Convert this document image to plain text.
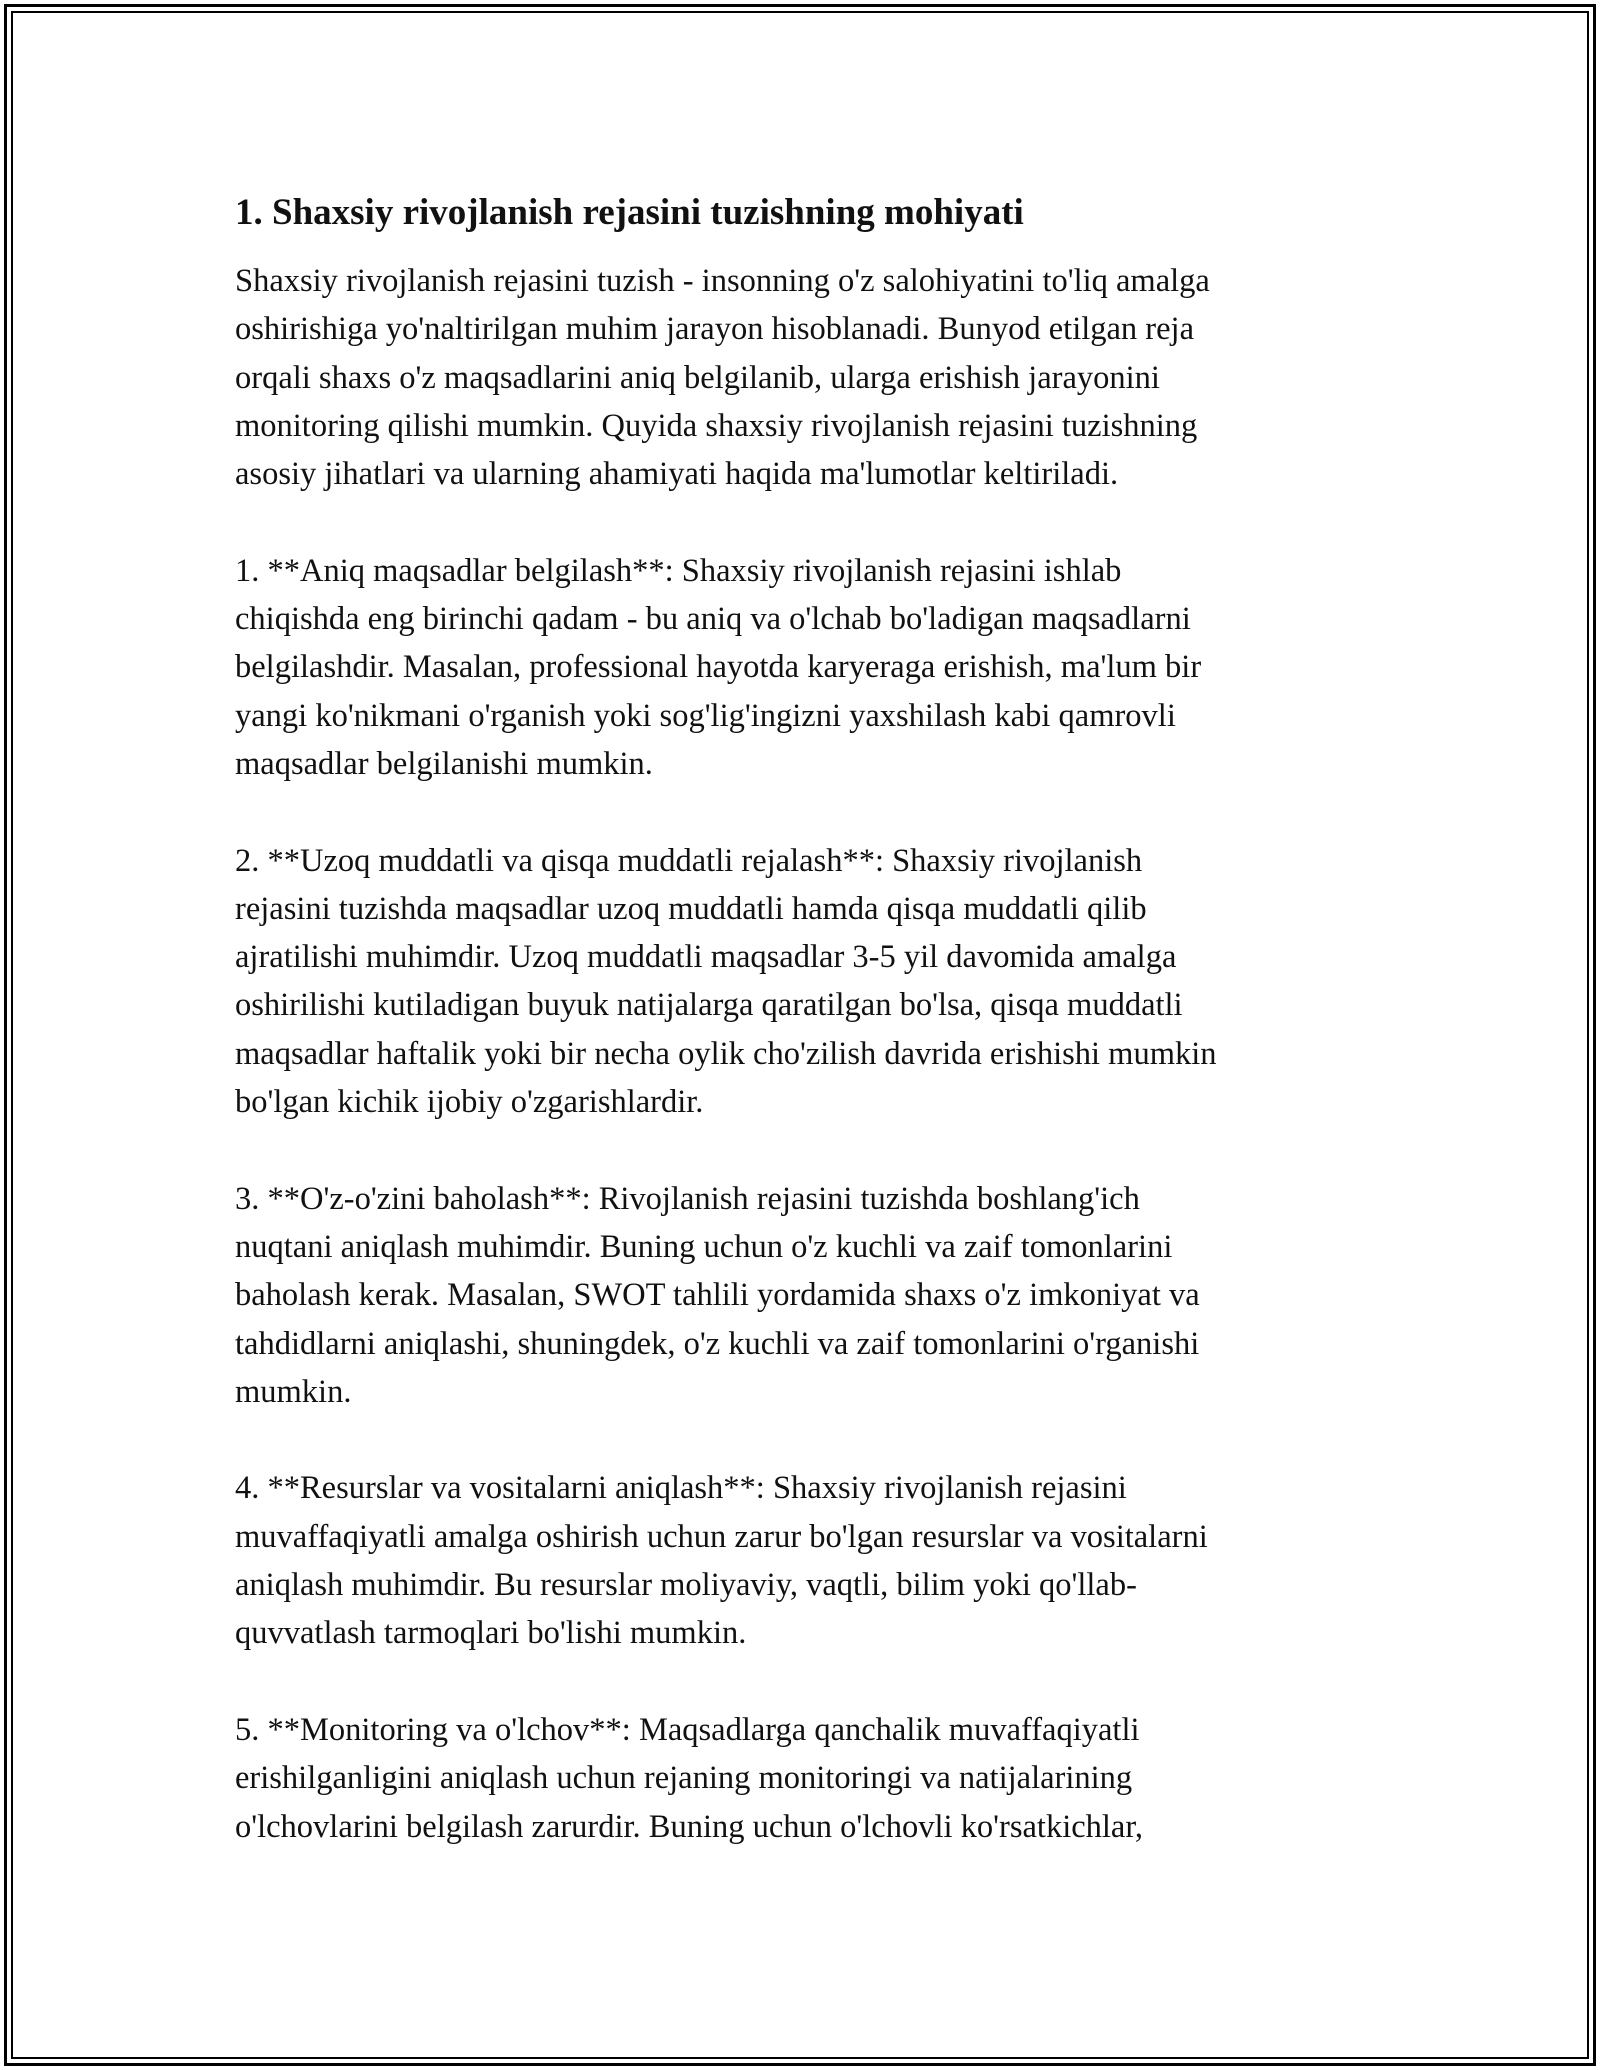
1. Shaxsiy rivojlanish rejasini tuzishning mohiyati

Shaxsiy rivojlanish rejasini tuzish - insonning o'z salohiyatini to'liq amalga
oshirishiga yo'naltirilgan muhim jarayon hisoblanadi. Bunyod etilgan reja
orqali shaxs o'z maqsadlarini aniq belgilanib, ularga erishish jarayonini
monitoring qilishi mumkin. Quyida shaxsiy rivojlanish rejasini tuzishning
asosiy jihatlari va ularning ahamiyati haqida ma'lumotlar keltiriladi.

1. **Aniq maqsadlar belgilash**: Shaxsiy rivojlanish rejasini ishlab
chiqishda eng birinchi qadam - bu aniq va o'lchab bo'ladigan maqsadlarni
belgilashdir. Masalan, professional hayotda karyeraga erishish, ma'lum bir
yangi ko'nikmani o'rganish yoki sog'lig'ingizni yaxshilash kabi qamrovli
maqsadlar belgilanishi mumkin.

2. **Uzoq muddatli va qisqa muddatli rejalash**: Shaxsiy rivojlanish
rejasini tuzishda maqsadlar uzoq muddatli hamda qisqa muddatli qilib
ajratilishi muhimdir. Uzoq muddatli maqsadlar 3-5 yil davomida amalga
oshirilishi kutiladigan buyuk natijalarga qaratilgan bo'lsa, qisqa muddatli
maqsadlar haftalik yoki bir necha oylik cho'zilish davrida erishishi mumkin
bo'lgan kichik ijobiy o'zgarishlardir.

3. **O'z-o'zini baholash**: Rivojlanish rejasini tuzishda boshlang'ich
nuqtani aniqlash muhimdir. Buning uchun o'z kuchli va zaif tomonlarini
baholash kerak. Masalan, SWOT tahlili yordamida shaxs o'z imkoniyat va
tahdidlarni aniqlashi, shuningdek, o'z kuchli va zaif tomonlarini o'rganishi
mumkin.

4. **Resurslar va vositalarni aniqlash**: Shaxsiy rivojlanish rejasini
muvaffaqiyatli amalga oshirish uchun zarur bo'lgan resurslar va vositalarni
aniqlash muhimdir. Bu resurslar moliyaviy, vaqtli, bilim yoki qo'llab-
quvvatlash tarmoqlari bo'lishi mumkin.

5. **Monitoring va o'lchov**: Maqsadlarga qanchalik muvaffaqiyatli
erishilganligini aniqlash uchun rejaning monitoringi va natijalarining
o'lchovlarini belgilash zarurdir. Buning uchun o'lchovli ko'rsatkichlar,
